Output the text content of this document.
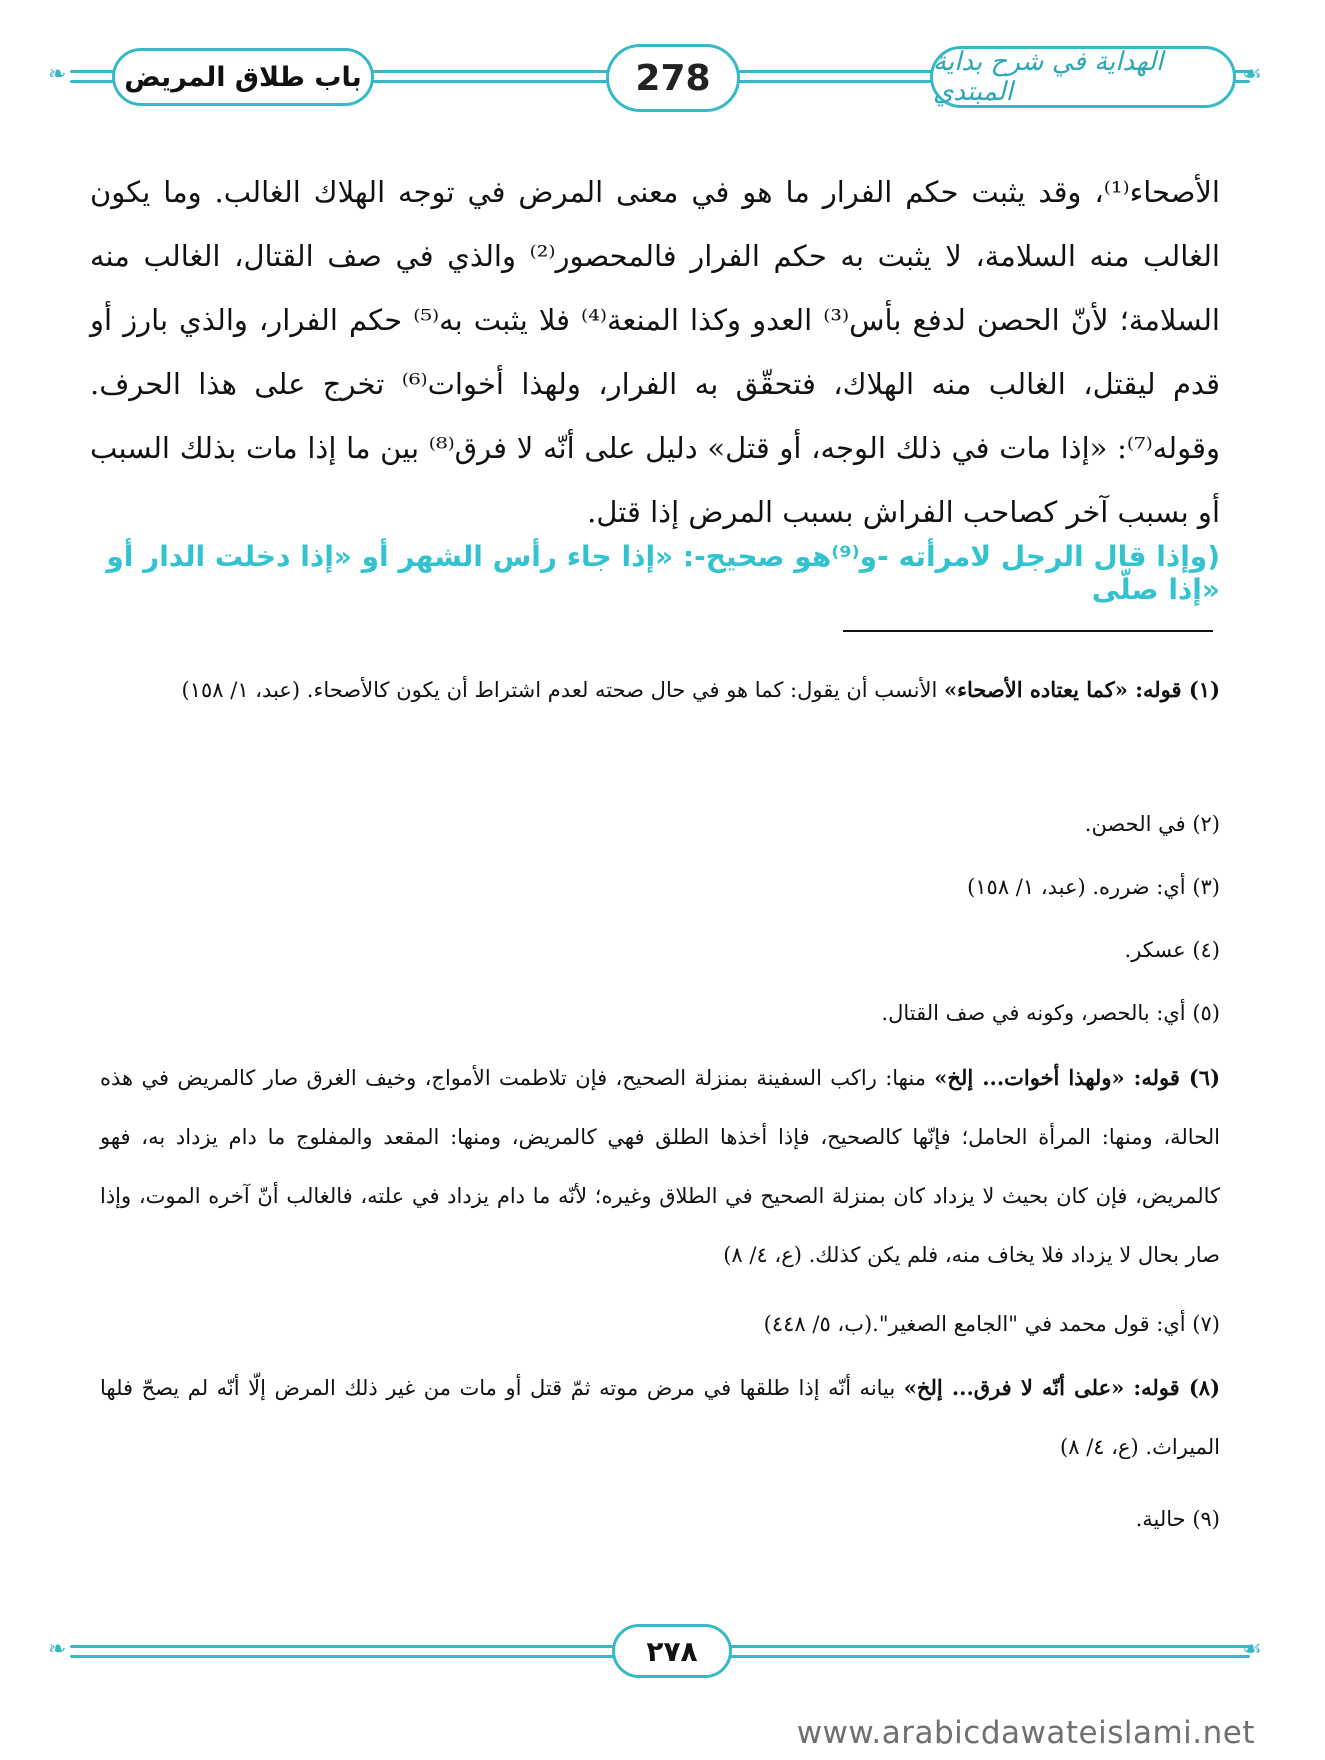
❧	☙
باب طلاق المريض	278	الهداية في شرح بداية المبتدي

الأصحاء⁽¹⁾، وقد يثبت حكم الفرار ما هو في معنى المرض في توجه الهلاك الغالب. وما يكون الغالب منه السلامة، لا يثبت به حكم الفرار فالمحصور⁽²⁾ والذي في صف القتال، الغالب منه السلامة؛ لأنّ الحصن لدفع بأس⁽³⁾ العدو وكذا المنعة⁽⁴⁾ فلا يثبت به⁽⁵⁾ حكم الفرار، والذي بارز أو قدم ليقتل، الغالب منه الهلاك، فتحقّق به الفرار، ولهذا أخوات⁽⁶⁾ تخرج على هذا الحرف. وقوله⁽⁷⁾: «إذا مات في ذلك الوجه، أو قتل» دليل على أنّه لا فرق⁽⁸⁾ بين ما إذا مات بذلك السبب أو بسبب آخر كصاحب الفراش بسبب المرض إذا قتل.

(وإذا قال الرجل لامرأته -و⁽⁹⁾هو صحيح-: «إذا جاء رأس الشهر أو «إذا دخلت الدار أو «إذا صلّى

(١) قوله: «كما يعتاده الأصحاء» الأنسب أن يقول: كما هو في حال صحته لعدم اشتراط أن يكون كالأصحاء. (عبد، ١/ ١٥٨)

(٢) في الحصن.

(٣) أي: ضرره. (عبد، ١/ ١٥٨)

(٤) عسكر.

(٥) أي: بالحصر، وكونه في صف القتال.

(٦) قوله: «ولهذا أخوات... إلخ» منها: راكب السفينة بمنزلة الصحيح، فإن تلاطمت الأمواج، وخيف الغرق صار كالمريض في هذه الحالة، ومنها: المرأة الحامل؛ فإنّها كالصحيح، فإذا أخذها الطلق فهي كالمريض، ومنها: المقعد والمفلوج ما دام يزداد به، فهو كالمريض، فإن كان بحيث لا يزداد كان بمنزلة الصحيح في الطلاق وغيره؛ لأنّه ما دام يزداد في علته، فالغالب أنّ آخره الموت، وإذا صار بحال لا يزداد فلا يخاف منه، فلم يكن كذلك. (ع، ٤/ ٨)

(٧) أي: قول محمد في "الجامع الصغير".(ب، ٥/ ٤٤٨)

(٨) قوله: «على أنّه لا فرق... إلخ» بيانه أنّه إذا طلقها في مرض موته ثمّ قتل أو مات من غير ذلك المرض إلّا أنّه لم يصحّ فلها الميراث. (ع، ٤/ ٨)

(٩) حالية.

❧	☙
٢٧٨
www.arabicdawateislami.net
